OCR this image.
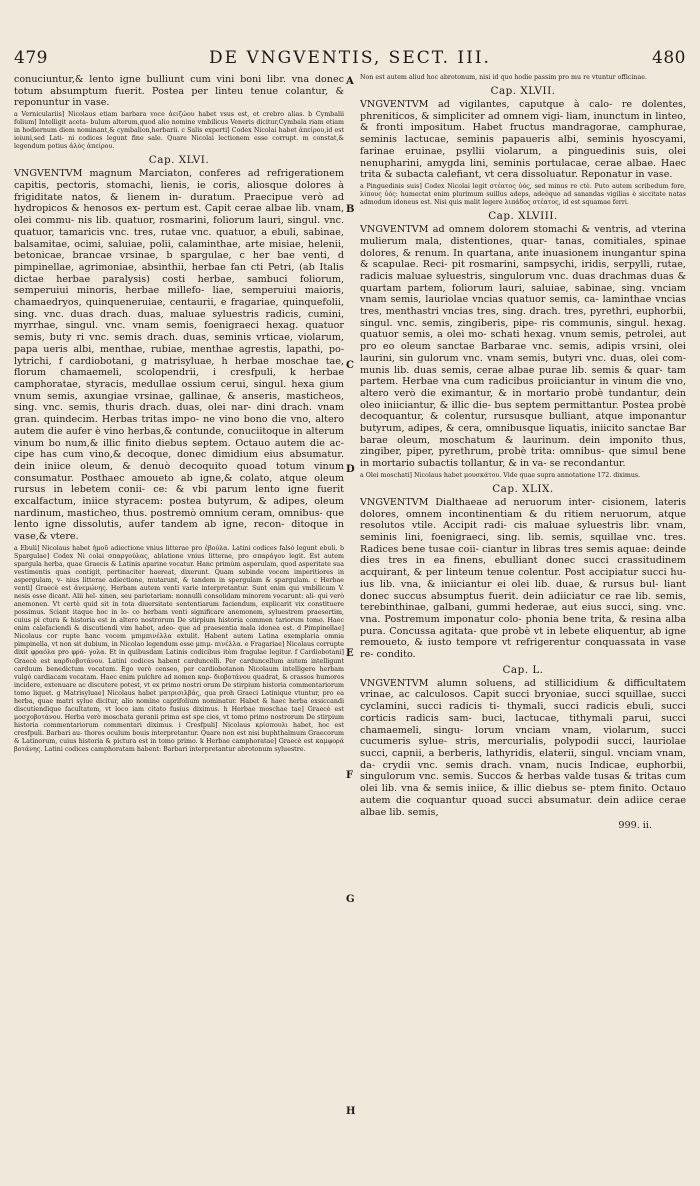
479	DE VNGVENTIS, SECT. III.	480

conuciuntur,& lento igne bulliunt cum vini boni libr. vna donec totum absumptum fuerit. Postea per linteu tenue colantur, & reponuntur in vase.

a Verniculariis] Nicolaus etiam barbara voce ἀειζώου habet vsus est, et crebro alias. b Cymbalii folium] Intelligit aceta- bulum alterum,quod alio nomine vmbilicus Veneris dicitur,Cymbala riam etiam in hodiernum diem nominant,& cymbalion,herbarii. c Salis experti] Codex Nicolai habet ἀπείρου,id est ieiuni,sed Lati- ni codices legunt fine sale. Quare Nicolai lectionem esse corrupt. m constat,& legendum potius ἀλὸς ἀπείρου.

Cap. XLVI.

VNGVENTVM magnum Marciaton, conferes ad refrigerationem capitis, pectoris, stomachi, lienis, ie coris, aliosque dolores à frigiditate natos, & lienem in- duratum. Praecipue verò ad hydropicos & henosos ex- pertum est. Capit cerae albae lib. vnam, olei commu- nis lib. quatuor, rosmarini, foliorum lauri, singul. vnc. quatuor, tamaricis vnc. tres, rutae vnc. quatuor, a ebuli, sabinae, balsamitae, ocimi, saluiae, polii, calaminthae, arte misiae, helenii, betonicae, brancae vrsinae, b spargulae, c her bae venti, d pimpinellae, agrimoniae, absinthii, herbae fan cti Petri, (ab Italis dictae herbae paralysis) costi herbae, sambuci foliorum, semperuiui minoris, herbae millefo- liae, semperuiui maioris, chamaedryos, quinqueneruiae, centaurii, e fragariae, quinquefolii, sing. vnc. duas drach. duas, maluae syluestris radicis, cumini, myrrhae, singul. vnc. vnam semis, foenigraeci hexag. quatuor semis, buty ri vnc. semis drach. duas, seminis vrticae, violarum, papa ueris albi, menthae, rubiae, menthae agrestis, lapathi, po- lytrichi, f cardiobotani, g matrisyluae, h herbae moschae tae, florum chamaemeli, scolopendrii, i cresfpuli, k herbae camphoratae, styracis, medullae ossium cerui, singul. hexa gium vnum semis, axungiae vrsinae, gallinae, & anseris, masticheos, sing. vnc. semis, thuris drach. duas, olei nar- dini drach. vnam gran. quindecim. Herbas tritas impo- ne vino bono die vno, altero autem die aufer è vino herbas,& contunde, conuciitoque in alterum vinum bo num,& illic finito diebus septem. Octauo autem die ac- cipe has cum vino,& decoque, donec dimidium eius absumatur. dein iniice oleum, & denuò decoquito quoad totum vinum consumatur. Posthaec amoueto ab igne,& colato, atque oleum rursus in lebetem conii- ce: & vbi parum lento igne fuerit excalfactum, iniice styracem: postea butyrum, & adipes, oleum nardinum, masticheo, thus. postremò omnium ceram, omnibus- que lento igne dissolutis, aufer tandem ab igne, recon- ditoque in vase,& vtere.

a Ebuli] Nicolaus habet ἠμοῦ adiectione vnius litterae pro ἐβούλα. Latini codices falsò legunt ebuli. b Spargulae] Codex Ni colai σπαργούλας, ablatione vnius litterae, pro σπαράγου legit. Est autem spargula herba, quae Graecis & Latinis aparine vocatur. Hanc primùm asperulam, quod asperitate sua vestimentis quas contigit, pertinaciter haereat, dixerunt. Quam subinde vocem imperitiores in aspergulam, v- nius litterae adiectione, mutarunt, & tandem in spergulam & spargulam. c Herbae venti] Graecè est ἀνεμώνης. Herbam autem venti varie interpretantur. Sunt enim qui vmbilicum V. nesis esse dicant. Alii hel- xinen, seu parietariam: nonnulli consolidam minorem vocarunt: ali- qui verò anemonen. Vt certè quid sit in tota diuersitate sententiarum faciendum, explicarit vix constituere possimus. Sciant itaque hoc in lo- co herbam venti significare anemonem, syluestrem praesertim, cuius pi ctura & historia est in altero nostrorum De stirpium historia commen tariorum tomo. Haec enim calefaciendi & discutiendi vim habet, adeo- que ad praesentia mala idonea est. d Pimpinellae] Nicolaus cor rupte hanc vocem μπιμπινέλλα extulit. Habent autem Latina exemplaria omnia pimpinella, vt non sit dubium, in Nicolao legendum esse μπιμ- πινέλλα. e Fragariae] Nicolaus corrupte dixit φραόλα pro φρά- γολα. Et in quibusdam Latinis codicibus itèm fragulae legitur. f Cardiobotani] Graecè est καρδιοβοτάνου. Latini codices habent carduncelli. Per carduncellum autem intelligunt carduum benedictum vocatum. Ego verò censeo, per cardiobotanon Nicolaum intelligere herbam vulgò cardiacam vocatam. Haec enim pulchre ad nomen καρ- διοβοτάνου quadrat, & crassos humores incidere, extenuare ac discutere potest, vt ex primo nostri orum De stirpium historia commentariorum tomo liquet. g Matrisyluae] Nicolaus habet ματρισιλβάς, qua proh Graeci Latinique vtuntur, pro ea herba, quae matri sylue dicitur, alio nomine caprifolium nominatur. Habet & haec herba exsiccandi discutiendique facultatem, vt loco iam citato fusius diximus. h Herbae moschae tae] Graecè est μοσχοβοτάνου. Herba verò moschata geranii prima est spe cies, vt tomo primo nostrorum De stirpium historia commentariorum commentari diximus. i Cresfpuli] Nicolaus κρίσπουλι habet, hoc est cresfpuli. Barbari au- thores oculum bouis interpretantur. Quare non est nisi buphthalmum Graecorum & Latinorum, cuius historia & pictura est in tomo primo. k Herbae camphoratae] Graecè est καμφορά βοτάνης. Latini codices camphoratam habent: Barbari interpretantur abrotonum syluestre.

A
B
C
D
E
F
G
H

Non est autem aliud hoc abrotonum, nisi id quo hodie passim pro mu re vtuntur officinae.

Cap. XLVII.

VNGVENTVM ad vigilantes, caputque à calo- re dolentes, phreniticos, & simpliciter ad omnem vigi- liam, inunctum in linteo, & fronti impositum. Habet fructus mandragorae, camphurae, seminis lactucae, seminis papaueris albi, seminis hyoscyami, farinae eruinae, psyllii violarum, a pinguedinis suis, olei nenupharini, amygda lini, seminis portulacae, cerae albae. Haec trita & subacta calefiant, vt cera dissoluatur. Reponatur in vase.

a Pinguedinis suis] Codex Nicolai legit στέατος ὑός, sed minus re ctè. Puto autem scribedum fore, λίπους ὑός: humectat enim plurimum suillus adeps, adeòque ad sanandas vigilias è siccitate natas admodum idoneus est. Nisi quis malit legere λιπάδος στέατος, id est squamae ferri.

Cap. XLVIII.

VNGVENTVM ad omnem dolorem stomachi & ventris, ad vterina mulierum mala, distentiones, quar- tanas, comitiales, spinae dolores, & renum. In quartana, ante inuasionem inungantur spina & scapulae. Reci- pit rosmarini, sampsychi, iridis, serpylli, rutae, radicis maluae syluestris, singulorum vnc. duas drachmas duas & quartam partem, foliorum lauri, saluiae, sabinae, sing. vnciam vnam semis, lauriolae vncias quatuor semis, ca- laminthae vncias tres, menthastri vncias tres, sing. drach. tres, pyrethri, euphorbii, singul. vnc. semis, zingiberis, pipe- ris communis, singul. hexag. quatuor semis, a olei mo- schati hexag. vnum semis, petrolei, aut pro eo oleum sanctae Barbarae vnc. semis, adipis vrsini, olei laurini, sin gulorum vnc. vnam semis, butyri vnc. duas, olei com- munis lib. duas semis, cerae albae purae lib. semis & quar- tam partem. Herbae vna cum radicibus proiiciantur in vinum die vno, altero verò die eximantur, & in mortario probè tundantur, dein oleo iniiciantur, & illic die- bus septem permittantur. Postea probè decoquantur, & colentur, rursusque bulliant, atque imponantur butyrum, adipes, & cera, omnibusque liquatis, iniicito sanctae Bar barae oleum, moschatum & laurinum. dein imponito thus, zingiber, piper, pyrethrum, probè trita: omnibus- que simul bene in mortario subactis tollantur, & in va- se recondantur.

a Olei moschati] Nicolaus habet μουσκάτου. Vide quae supra annotatione 172. diximus.

Cap. XLIX.

VNGVENTVM Dialthaeae ad neruorum inter- cisionem, lateris dolores, omnem incontinentiam & du ritiem neruorum, atque resolutos vtile. Accipit radi- cis maluae syluestris libr. vnam, seminis lini, foenigraeci, sing. lib. semis, squillae vnc. tres. Radices bene tusae coii- ciantur in libras tres semis aquae: deinde dies tres in ea finens, ebulliant donec succi crassitudinem acquirant, & per linteum tenue colentur. Post accipiatur succi hu- ius lib. vna, & iniiciantur ei olei lib. duae, & rursus bul- liant donec succus absumptus fuerit. dein adiiciatur ce rae lib. semis, terebinthinae, galbani, gummi hederae, aut eius succi, sing. vnc. vna. Postremum imponatur colo- phonia bene trita, & resina alba pura. Concussa agitata- que probè vt in lebete eliquentur, ab igne remoueto, & iusto tempore vt refrigerentur conquassata in vase re- condito.

Cap. L.

VNGVENTVM alumn soluens, ad stillicidium & difficultatem vrinae, ac calculosos. Capit succi bryoniae, succi squillae, succi cyclamini, succi radicis ti- thymali, succi radicis ebuli, succi corticis radicis sam- buci, lactucae, tithymali parui, succi chamaemeli, singu- lorum vnciam vnam, violarum, succi cucumeris sylue- stris, mercurialis, polypodii succi, lauriolae succi, capnii, a berberis, lathyridis, elaterii, singul. vnciam vnam, da- crydii vnc. semis drach. vnam, nucis Indicae, euphorbii, singulorum vnc. semis. Succos & herbas valde tusas & tritas cum olei lib. vna & semis iniice, & illic diebus se- ptem finito. Octauo autem die coquantur quoad succi absumatur. dein adiice cerae albae lib. semis,

999. ii.
